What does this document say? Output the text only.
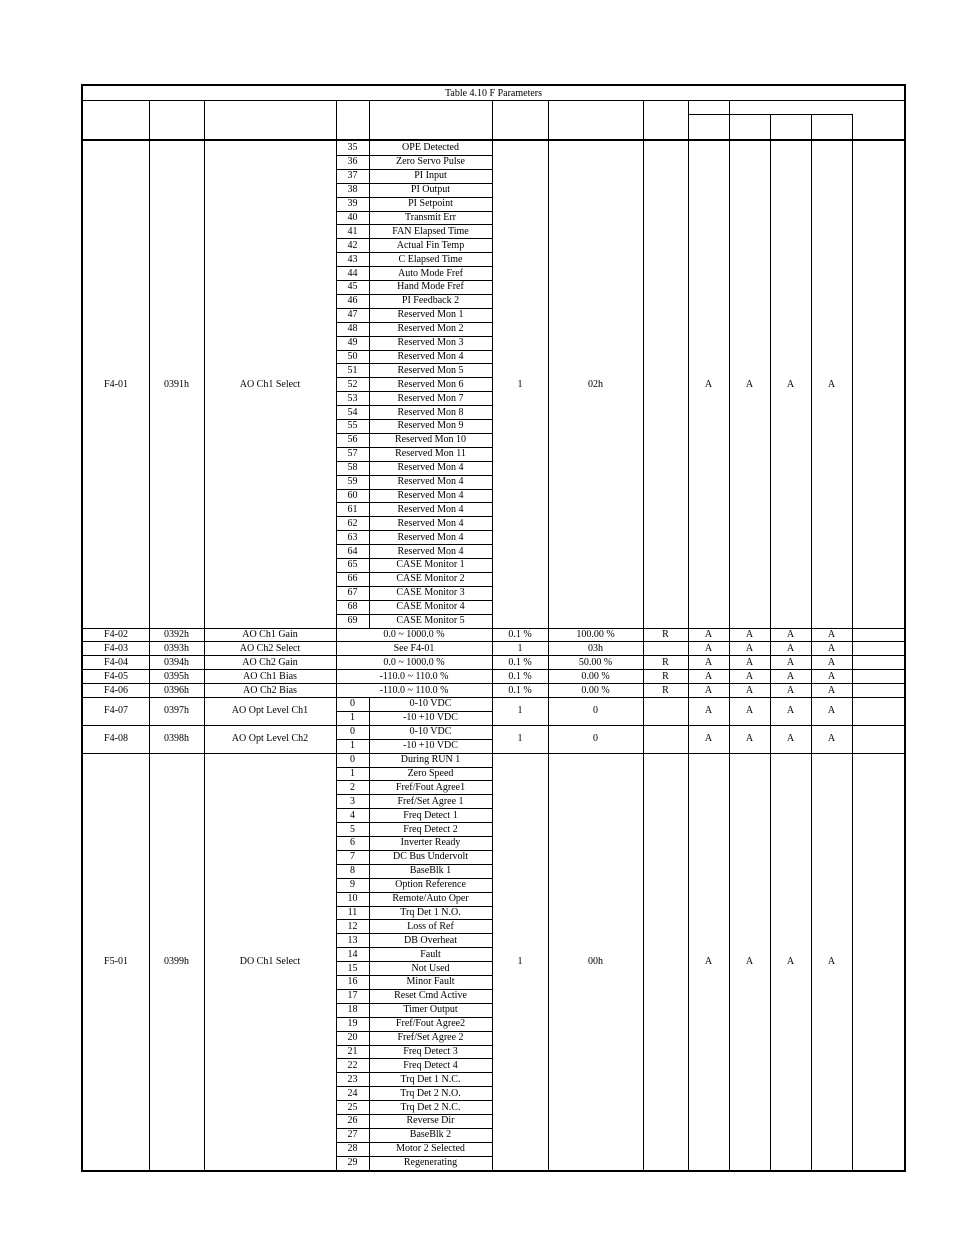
Table 4.10 F Parameters
F4-01	0391h	AO Ch1 Select	1	02h	A	A	A	A
35	OPE Detected
36	Zero Servo Pulse
37	PI Input
38	PI Output
39	PI Setpoint
40	Transmit Err
41	FAN Elapsed Time
42	Actual Fin Temp
43	C Elapsed Time
44	Auto Mode Fref
45	Hand Mode Fref
46	PI Feedback 2
47	Reserved Mon 1
48	Reserved Mon 2
49	Reserved Mon 3
50	Reserved Mon 4
51	Reserved Mon 5
52	Reserved Mon 6
53	Reserved Mon 7
54	Reserved Mon 8
55	Reserved Mon 9
56	Reserved Mon 10
57	Reserved Mon 11
58	Reserved Mon 4
59	Reserved Mon 4
60	Reserved Mon 4
61	Reserved Mon 4
62	Reserved Mon 4
63	Reserved Mon 4
64	Reserved Mon 4
65	CASE Monitor 1
66	CASE Monitor 2
67	CASE Monitor 3
68	CASE Monitor 4
69	CASE Monitor 5
F4-02	0392h	AO Ch1 Gain	0.1 %	100.00 %	R	A	A	A	A
0.0 ~ 1000.0 %
F4-03	0393h	AO Ch2 Select	1	03h	A	A	A	A
See F4-01
F4-04	0394h	AO Ch2 Gain	0.1 %	50.00 %	R	A	A	A	A
0.0 ~ 1000.0 %
F4-05	0395h	AO Ch1 Bias	0.1 %	0.00 %	R	A	A	A	A
-110.0 ~ 110.0 %
F4-06	0396h	AO Ch2 Bias	0.1 %	0.00 %	R	A	A	A	A
-110.0 ~ 110.0 %
F4-07	0397h	AO Opt Level Ch1	1	0	A	A	A	A
0	0-10 VDC
1	-10 +10 VDC
F4-08	0398h	AO Opt Level Ch2	1	0	A	A	A	A
0	0-10 VDC
1	-10 +10 VDC
F5-01	0399h	DO Ch1 Select	1	00h	A	A	A	A
0	During RUN 1
1	Zero Speed
2	Fref/Fout Agree1
3	Fref/Set Agree 1
4	Freq Detect 1
5	Freq Detect 2
6	Inverter Ready
7	DC Bus Undervolt
8	BaseBlk 1
9	Option Reference
10	Remote/Auto Oper
11	Trq Det 1 N.O.
12	Loss of Ref
13	DB Overheat
14	Fault
15	Not Used
16	Minor Fault
17	Reset Cmd Active
18	Timer Output
19	Fref/Fout Agree2
20	Fref/Set Agree 2
21	Freq Detect 3
22	Freq Detect 4
23	Trq Det 1 N.C.
24	Trq Det 2 N.O.
25	Trq Det 2 N.C.
26	Reverse Dir
27	BaseBlk 2
28	Motor 2 Selected
29	Regenerating
